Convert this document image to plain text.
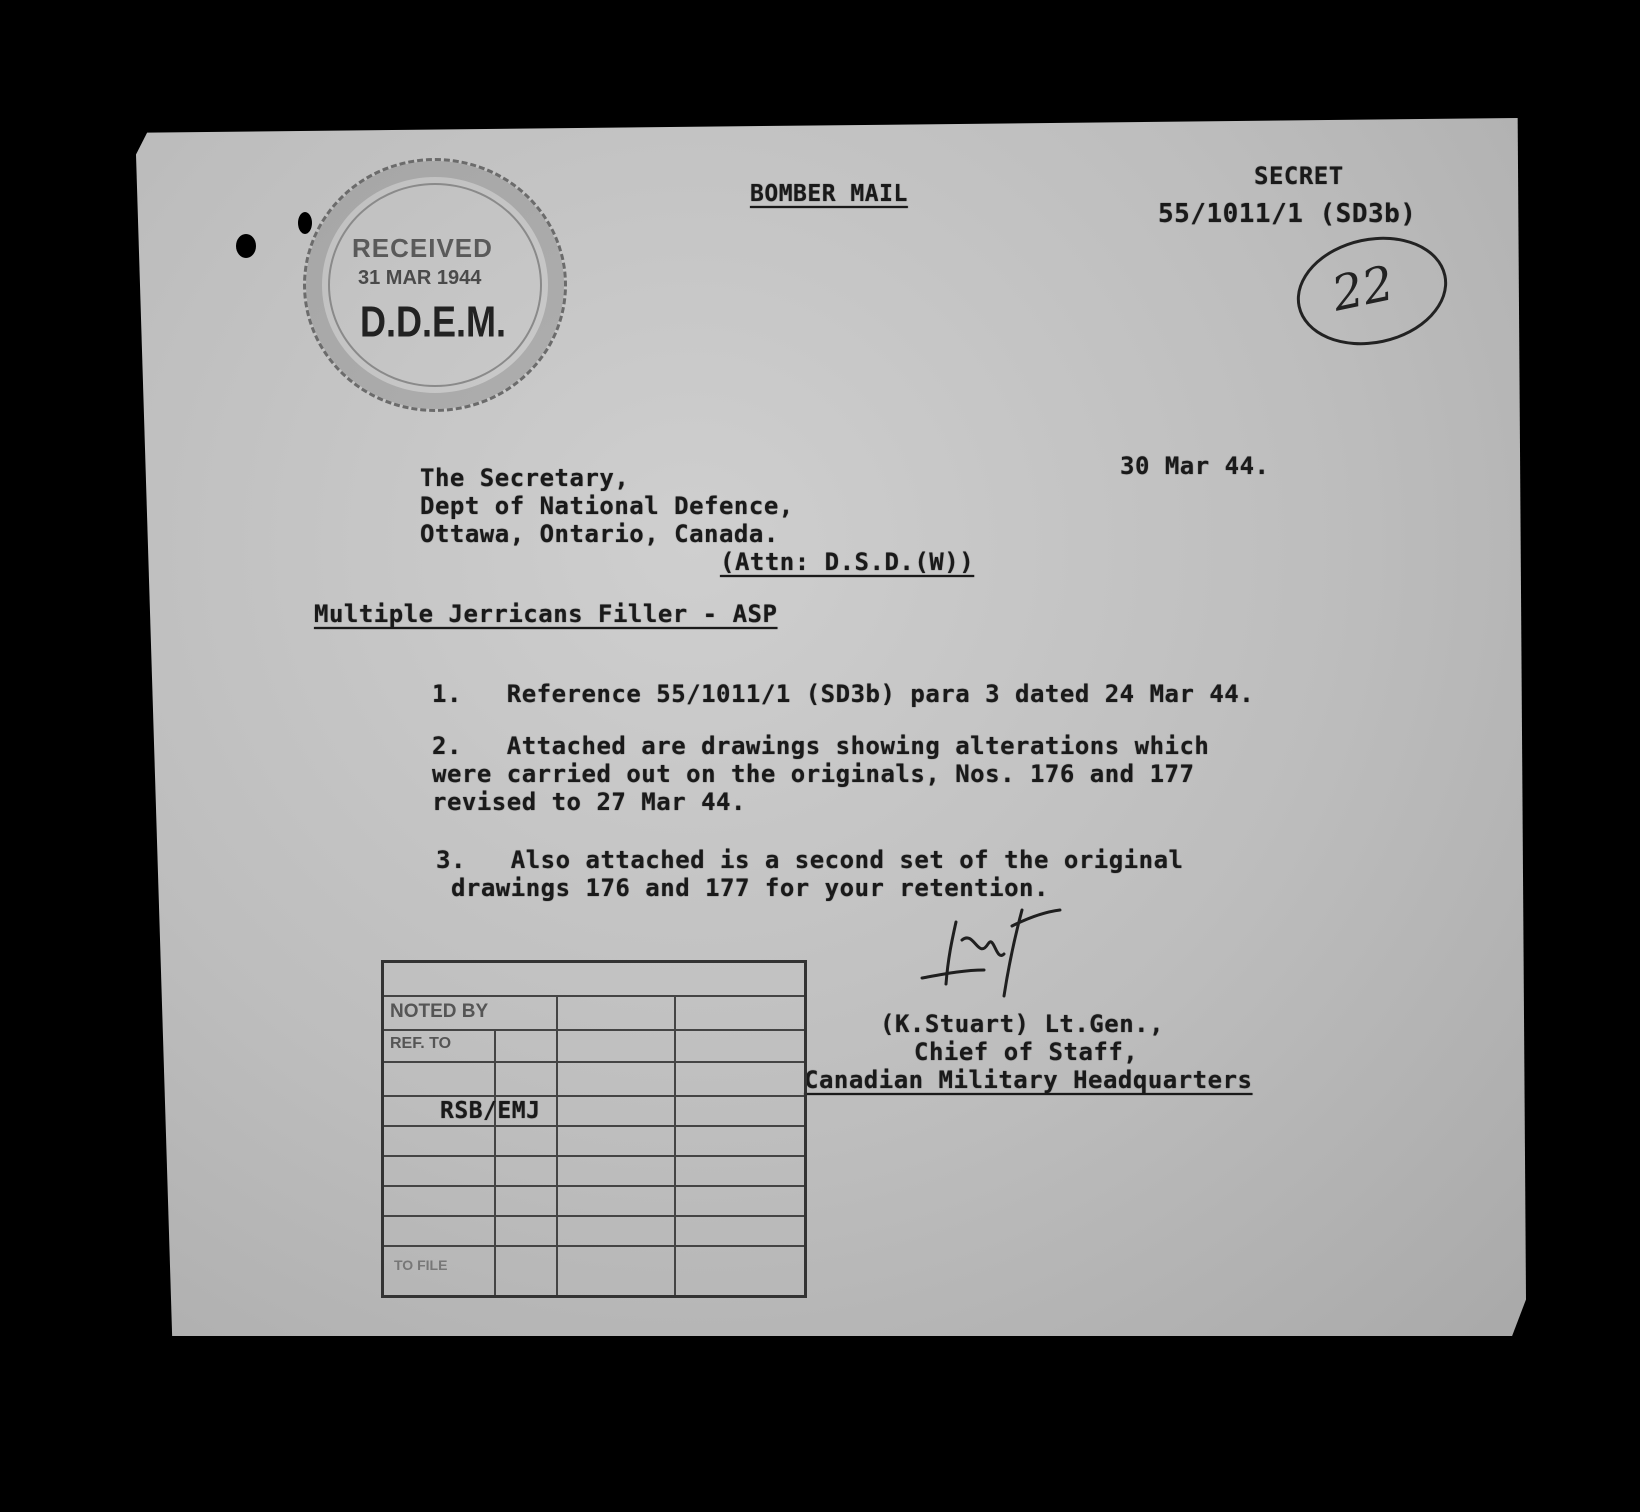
RECEIVED
31 MAR 1944
D.D.E.M.
BOMBER MAIL
SECRET
55/1011/1 (SD3b)
22
30 Mar 44.
The Secretary,
Dept of National Defence,
Ottawa, Ontario, Canada.
(Attn: D.S.D.(W))
Multiple Jerricans Filler - ASP
1.   Reference 55/1011/1 (SD3b) para 3 dated 24 Mar 44.
2.   Attached are drawings showing alterations which
were carried out on the originals, Nos. 176 and 177
revised to 27 Mar 44.
3.   Also attached is a second set of the original
drawings 176 and 177 for your retention.
(K.Stuart) Lt.Gen.,
Chief of Staff,
Canadian Military Headquarters
NOTED BY
REF. TO
TO FILE
RSB/EMJ
